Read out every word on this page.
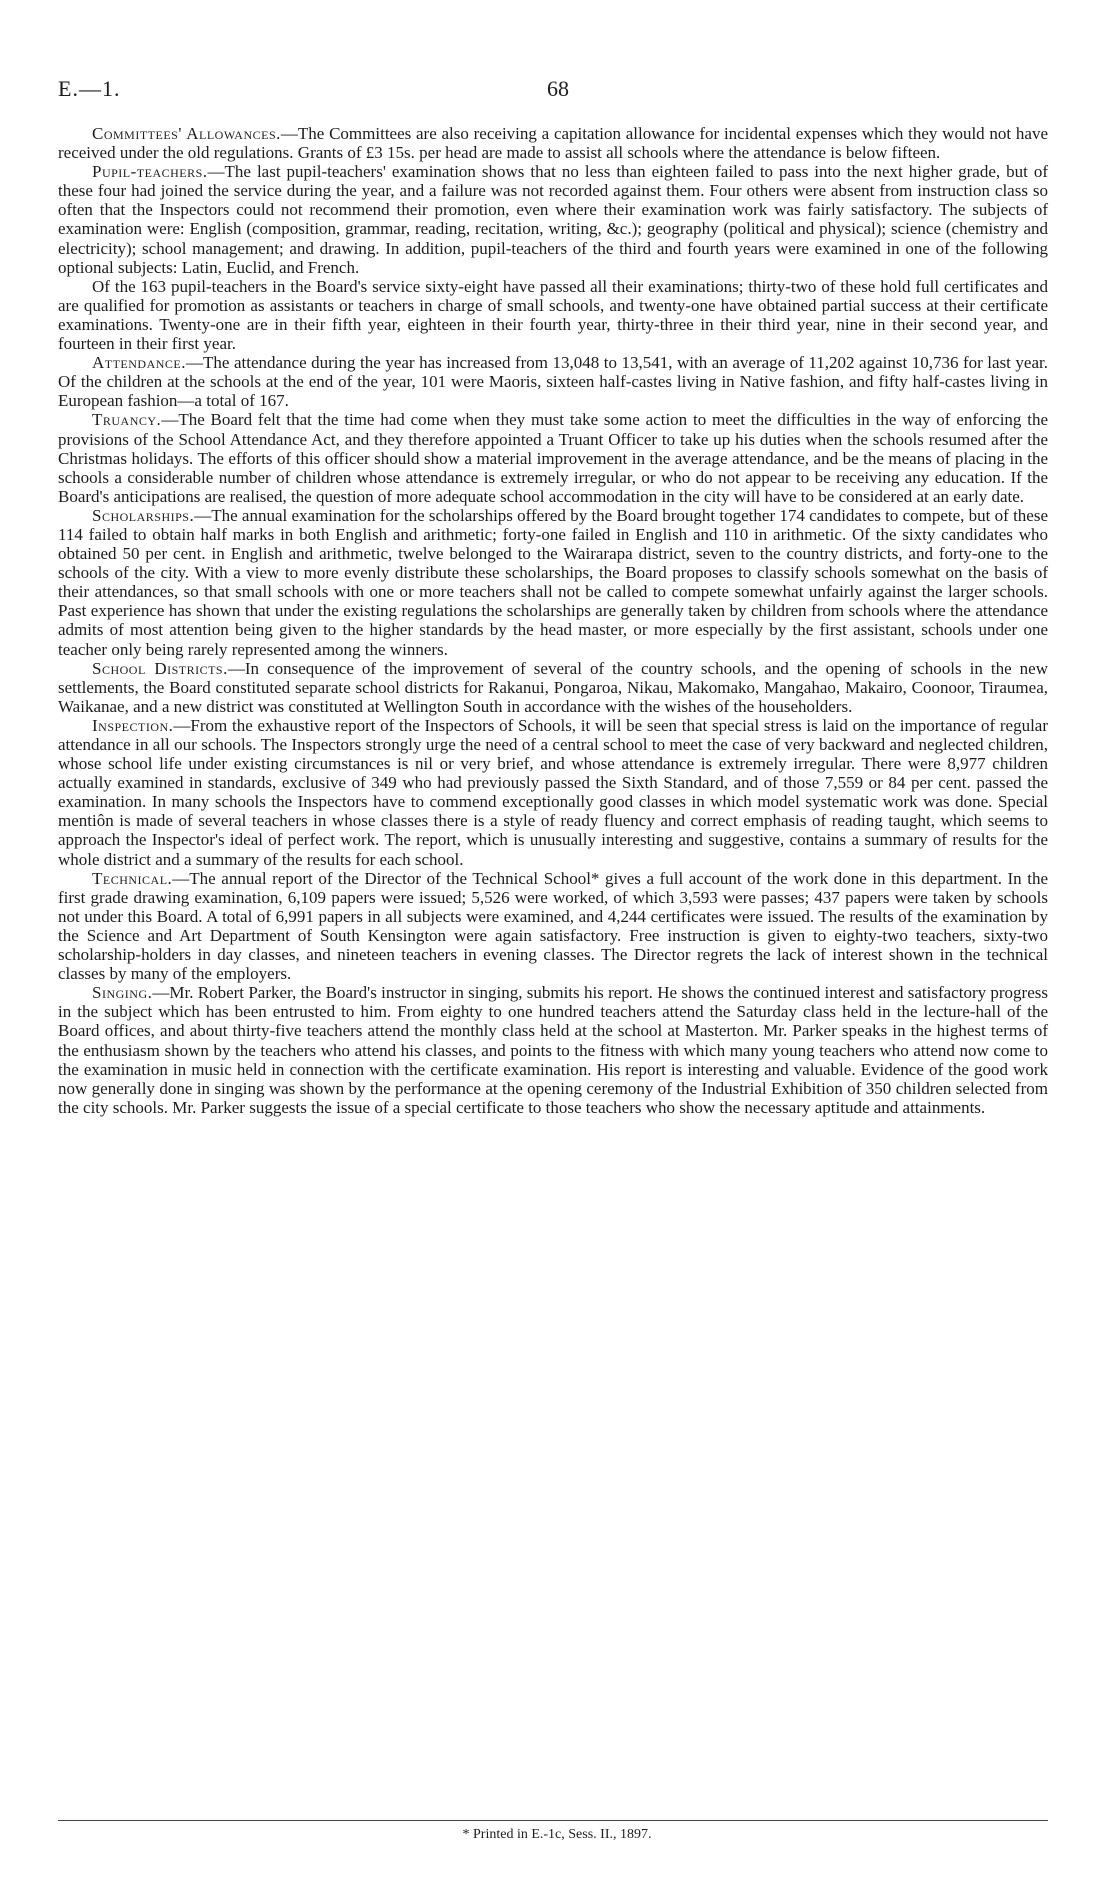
E.—1.	68

Committees' Allowances.—The Committees are also receiving a capitation allowance for incidental expenses which they would not have received under the old regulations. Grants of £3 15s. per head are made to assist all schools where the attendance is below fifteen.

Pupil-teachers.—The last pupil-teachers' examination shows that no less than eighteen failed to pass into the next higher grade, but of these four had joined the service during the year, and a failure was not recorded against them. Four others were absent from instruction class so often that the Inspectors could not recommend their promotion, even where their examination work was fairly satisfactory. The subjects of examination were: English (composition, grammar, reading, recitation, writing, &c.); geography (political and physical); science (chemistry and electricity); school management; and drawing. In addition, pupil-teachers of the third and fourth years were examined in one of the following optional subjects: Latin, Euclid, and French.

Of the 163 pupil-teachers in the Board's service sixty-eight have passed all their examinations; thirty-two of these hold full certificates and are qualified for promotion as assistants or teachers in charge of small schools, and twenty-one have obtained partial success at their certificate examinations. Twenty-one are in their fifth year, eighteen in their fourth year, thirty-three in their third year, nine in their second year, and fourteen in their first year.

Attendance.—The attendance during the year has increased from 13,048 to 13,541, with an average of 11,202 against 10,736 for last year. Of the children at the schools at the end of the year, 101 were Maoris, sixteen half-castes living in Native fashion, and fifty half-castes living in European fashion—a total of 167.

Truancy.—The Board felt that the time had come when they must take some action to meet the difficulties in the way of enforcing the provisions of the School Attendance Act, and they therefore appointed a Truant Officer to take up his duties when the schools resumed after the Christmas holidays. The efforts of this officer should show a material improvement in the average attendance, and be the means of placing in the schools a considerable number of children whose attendance is extremely irregular, or who do not appear to be receiving any education. If the Board's anticipations are realised, the question of more adequate school accommodation in the city will have to be considered at an early date.

Scholarships.—The annual examination for the scholarships offered by the Board brought together 174 candidates to compete, but of these 114 failed to obtain half marks in both English and arithmetic; forty-one failed in English and 110 in arithmetic. Of the sixty candidates who obtained 50 per cent. in English and arithmetic, twelve belonged to the Wairarapa district, seven to the country districts, and forty-one to the schools of the city. With a view to more evenly distribute these scholarships, the Board proposes to classify schools somewhat on the basis of their attendances, so that small schools with one or more teachers shall not be called to compete somewhat unfairly against the larger schools. Past experience has shown that under the existing regulations the scholarships are generally taken by children from schools where the attendance admits of most attention being given to the higher standards by the head master, or more especially by the first assistant, schools under one teacher only being rarely represented among the winners.

School Districts.—In consequence of the improvement of several of the country schools, and the opening of schools in the new settlements, the Board constituted separate school districts for Rakanui, Pongaroa, Nikau, Makomako, Mangahao, Makairo, Coonoor, Tiraumea, Waikanae, and a new district was constituted at Wellington South in accordance with the wishes of the householders.

Inspection.—From the exhaustive report of the Inspectors of Schools, it will be seen that special stress is laid on the importance of regular attendance in all our schools. The Inspectors strongly urge the need of a central school to meet the case of very backward and neglected children, whose school life under existing circumstances is nil or very brief, and whose attendance is extremely irregular. There were 8,977 children actually examined in standards, exclusive of 349 who had previously passed the Sixth Standard, and of those 7,559 or 84 per cent. passed the examination. In many schools the Inspectors have to commend exceptionally good classes in which model systematic work was done. Special mentiôn is made of several teachers in whose classes there is a style of ready fluency and correct emphasis of reading taught, which seems to approach the Inspector's ideal of perfect work. The report, which is unusually interesting and suggestive, contains a summary of results for the whole district and a summary of the results for each school.

Technical.—The annual report of the Director of the Technical School* gives a full account of the work done in this department. In the first grade drawing examination, 6,109 papers were issued; 5,526 were worked, of which 3,593 were passes; 437 papers were taken by schools not under this Board. A total of 6,991 papers in all subjects were examined, and 4,244 certificates were issued. The results of the examination by the Science and Art Department of South Kensington were again satisfactory. Free instruction is given to eighty-two teachers, sixty-two scholarship-holders in day classes, and nineteen teachers in evening classes. The Director regrets the lack of interest shown in the technical classes by many of the employers.

Singing.—Mr. Robert Parker, the Board's instructor in singing, submits his report. He shows the continued interest and satisfactory progress in the subject which has been entrusted to him. From eighty to one hundred teachers attend the Saturday class held in the lecture-hall of the Board offices, and about thirty-five teachers attend the monthly class held at the school at Masterton. Mr. Parker speaks in the highest terms of the enthusiasm shown by the teachers who attend his classes, and points to the fitness with which many young teachers who attend now come to the examination in music held in connection with the certificate examination. His report is interesting and valuable. Evidence of the good work now generally done in singing was shown by the performance at the opening ceremony of the Industrial Exhibition of 350 children selected from the city schools. Mr. Parker suggests the issue of a special certificate to those teachers who show the necessary aptitude and attainments.

* Printed in E.-1c, Sess. II., 1897.
